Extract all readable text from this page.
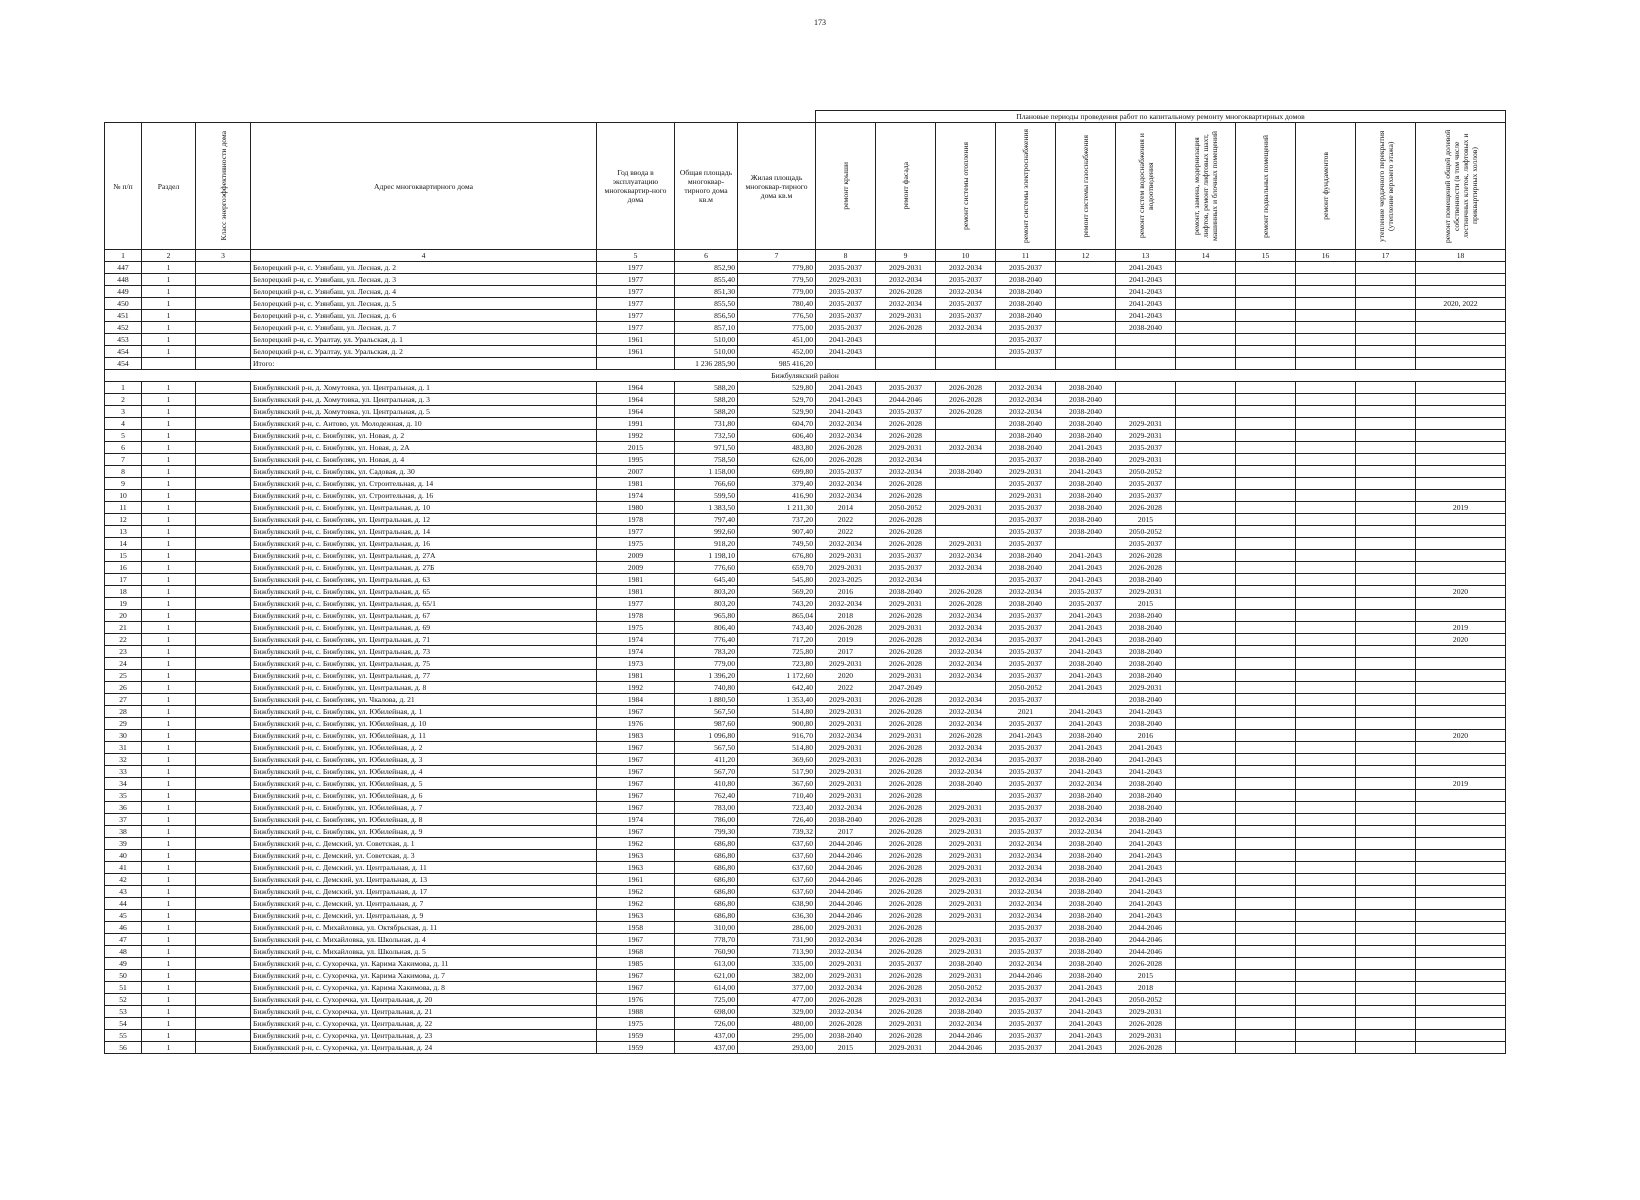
173
							Плановые периоды проведения работ по капитальному ремонту многоквартирных домов										
№ п/п	Раздел	Класс энергоэффективности дома	Адрес многоквартирного дома	Год ввода в эксплуатацию многоквартир-ного дома	Общая площадь многоквар-тирного дома кв.м	Жилая площадь многоквар-тирного дома кв.м	ремонт крыши	ремонт фасада	ремонт системы отопления	ремонт системы электроснабжения	ремонт системы газоснабжения	ремонт систем водоснабжения и водоотведения	ремонт, замена, модернизация лифтов, ремонт лифтовых шахт, машинных и блочных помещений	ремонт подвальных помещений	ремонт фундаментов	утепление чердачного перекрытия (утепление верхнего этажа)	ремонт помещений общей долевой собственности (в том числе лестничных клеток, лифтовых и приквартирных холлов)

1	2	3	4	5	6	7	8	9	10	11	12	13	14	15	16	17	18
447	1		Белорецкий р-н, с. Узянбаш, ул. Лесная, д. 2	1977	852,90	779,80	2035-2037	2029-2031	2032-2034	2035-2037		2041-2043					
448	1		Белорецкий р-н, с. Узянбаш, ул. Лесная, д. 3	1977	855,40	779,50	2029-2031	2032-2034	2035-2037	2038-2040		2041-2043					
449	1		Белорецкий р-н, с. Узянбаш, ул. Лесная, д. 4	1977	851,30	779,00	2035-2037	2026-2028	2032-2034	2038-2040		2041-2043					
450	1		Белорецкий р-н, с. Узянбаш, ул. Лесная, д. 5	1977	855,50	780,40	2035-2037	2032-2034	2035-2037	2038-2040		2041-2043					2020, 2022
451	1		Белорецкий р-н, с. Узянбаш, ул. Лесная, д. 6	1977	856,50	776,50	2035-2037	2029-2031	2035-2037	2038-2040		2041-2043					
452	1		Белорецкий р-н, с. Узянбаш, ул. Лесная, д. 7	1977	857,10	775,00	2035-2037	2026-2028	2032-2034	2035-2037		2038-2040					
453	1		Белорецкий р-н, с. Уралтау, ул. Уральская, д. 1	1961	510,00	451,00	2041-2043			2035-2037							
454	1		Белорецкий р-н, с. Уралтау, ул. Уральская, д. 2	1961	510,00	452,00	2041-2043			2035-2037							
454			Итого:		1 236 285,90	985 416,20											
Бижбулякский район																	
1	1		Бижбулякский р-н, д. Хомутовка, ул. Центральная, д. 1	1964	588,20	529,80	2041-2043	2035-2037	2026-2028	2032-2034	2038-2040						
2	1		Бижбулякский р-н, д. Хомутовка, ул. Центральная, д. 3	1964	588,20	529,70	2041-2043	2044-2046	2026-2028	2032-2034	2038-2040						
3	1		Бижбулякский р-н, д. Хомутовка, ул. Центральная, д. 5	1964	588,20	529,90	2041-2043	2035-2037	2026-2028	2032-2034	2038-2040						
4	1		Бижбулякский р-н, с. Антово, ул. Молодежная, д. 10	1991	731,80	604,70	2032-2034	2026-2028		2038-2040	2038-2040	2029-2031					
5	1		Бижбулякский р-н, с. Бижбуляк, ул. Новая, д. 2	1992	732,50	606,40	2032-2034	2026-2028		2038-2040	2038-2040	2029-2031					
6	1		Бижбулякский р-н, с. Бижбуляк, ул. Новая, д. 2А	2015	971,50	483,80	2026-2028	2029-2031	2032-2034	2038-2040	2041-2043	2035-2037					
7	1		Бижбулякский р-н, с. Бижбуляк, ул. Новая, д. 4	1995	758,50	626,00	2026-2028	2032-2034		2035-2037	2038-2040	2029-2031					
8	1		Бижбулякский р-н, с. Бижбуляк, ул. Садовая, д. 30	2007	1 158,00	699,80	2035-2037	2032-2034	2038-2040	2029-2031	2041-2043	2050-2052					
9	1		Бижбулякский р-н, с. Бижбуляк, ул. Строительная, д. 14	1981	766,60	379,40	2032-2034	2026-2028		2035-2037	2038-2040	2035-2037					
10	1		Бижбулякский р-н, с. Бижбуляк, ул. Строительная, д. 16	1974	599,50	416,90	2032-2034	2026-2028		2029-2031	2038-2040	2035-2037					
11	1		Бижбулякский р-н, с. Бижбуляк, ул. Центральная, д. 10	1980	1 383,50	1 211,30	2014	2050-2052	2029-2031	2035-2037	2038-2040	2026-2028					2019
12	1		Бижбулякский р-н, с. Бижбуляк, ул. Центральная, д. 12	1978	797,40	737,20	2022	2026-2028		2035-2037	2038-2040	2015					
13	1		Бижбулякский р-н, с. Бижбуляк, ул. Центральная, д. 14	1977	992,60	907,40	2022	2026-2028		2035-2037	2038-2040	2050-2052					
14	1		Бижбулякский р-н, с. Бижбуляк, ул. Центральная, д. 16	1975	918,20	749,50	2032-2034	2026-2028	2029-2031	2035-2037		2035-2037					
15	1		Бижбулякский р-н, с. Бижбуляк, ул. Центральная, д. 27А	2009	1 198,10	676,80	2029-2031	2035-2037	2032-2034	2038-2040	2041-2043	2026-2028					
16	1		Бижбулякский р-н, с. Бижбуляк, ул. Центральная, д. 27Б	2009	776,60	659,70	2029-2031	2035-2037	2032-2034	2038-2040	2041-2043	2026-2028					
17	1		Бижбулякский р-н, с. Бижбуляк, ул. Центральная, д. 63	1981	645,40	545,80	2023-2025	2032-2034		2035-2037	2041-2043	2038-2040					
18	1		Бижбулякский р-н, с. Бижбуляк, ул. Центральная, д. 65	1981	803,20	569,20	2016	2038-2040	2026-2028	2032-2034	2035-2037	2029-2031					2020
19	1		Бижбулякский р-н, с. Бижбуляк, ул. Центральная, д. 65/1	1977	803,20	743,20	2032-2034	2029-2031	2026-2028	2038-2040	2035-2037	2015					
20	1		Бижбулякский р-н, с. Бижбуляк, ул. Центральная, д. 67	1978	965,80	865,04	2018	2026-2028	2032-2034	2035-2037	2041-2043	2038-2040					
21	1		Бижбулякский р-н, с. Бижбуляк, ул. Центральная, д. 69	1975	806,40	743,40	2026-2028	2029-2031	2032-2034	2035-2037	2041-2043	2038-2040					2019
22	1		Бижбулякский р-н, с. Бижбуляк, ул. Центральная, д. 71	1974	776,40	717,20	2019	2026-2028	2032-2034	2035-2037	2041-2043	2038-2040					2020
23	1		Бижбулякский р-н, с. Бижбуляк, ул. Центральная, д. 73	1974	783,20	725,80	2017	2026-2028	2032-2034	2035-2037	2041-2043	2038-2040					
24	1		Бижбулякский р-н, с. Бижбуляк, ул. Центральная, д. 75	1973	779,00	723,80	2029-2031	2026-2028	2032-2034	2035-2037	2038-2040	2038-2040					
25	1		Бижбулякский р-н, с. Бижбуляк, ул. Центральная, д. 77	1981	1 396,20	1 172,60	2020	2029-2031	2032-2034	2035-2037	2041-2043	2038-2040					
26	1		Бижбулякский р-н, с. Бижбуляк, ул. Центральная, д. 8	1992	740,80	642,40	2022	2047-2049		2050-2052	2041-2043	2029-2031					
27	1		Бижбулякский р-н, с. Бижбуляк, ул. Чкалова, д. 21	1984	1 880,50	1 353,40	2029-2031	2026-2028	2032-2034	2035-2037		2038-2040					
28	1		Бижбулякский р-н, с. Бижбуляк, ул. Юбилейная, д. 1	1967	567,50	514,80	2029-2031	2026-2028	2032-2034	2021	2041-2043	2041-2043					
29	1		Бижбулякский р-н, с. Бижбуляк, ул. Юбилейная, д. 10	1976	987,60	900,80	2029-2031	2026-2028	2032-2034	2035-2037	2041-2043	2038-2040					
30	1		Бижбулякский р-н, с. Бижбуляк, ул. Юбилейная, д. 11	1983	1 096,80	916,70	2032-2034	2029-2031	2026-2028	2041-2043	2038-2040	2016					2020
31	1		Бижбулякский р-н, с. Бижбуляк, ул. Юбилейная, д. 2	1967	567,50	514,80	2029-2031	2026-2028	2032-2034	2035-2037	2041-2043	2041-2043					
32	1		Бижбулякский р-н, с. Бижбуляк, ул. Юбилейная, д. 3	1967	411,20	369,60	2029-2031	2026-2028	2032-2034	2035-2037	2038-2040	2041-2043					
33	1		Бижбулякский р-н, с. Бижбуляк, ул. Юбилейная, д. 4	1967	567,70	517,90	2029-2031	2026-2028	2032-2034	2035-2037	2041-2043	2041-2043					
34	1		Бижбулякский р-н, с. Бижбуляк, ул. Юбилейная, д. 5	1967	410,80	367,60	2029-2031	2026-2028	2038-2040	2035-2037	2032-2034	2038-2040					2019
35	1		Бижбулякский р-н, с. Бижбуляк, ул. Юбилейная, д. 6	1967	762,40	710,40	2029-2031	2026-2028		2035-2037	2038-2040	2038-2040					
36	1		Бижбулякский р-н, с. Бижбуляк, ул. Юбилейная, д. 7	1967	783,00	723,40	2032-2034	2026-2028	2029-2031	2035-2037	2038-2040	2038-2040					
37	1		Бижбулякский р-н, с. Бижбуляк, ул. Юбилейная, д. 8	1974	786,00	726,40	2038-2040	2026-2028	2029-2031	2035-2037	2032-2034	2038-2040					
38	1		Бижбулякский р-н, с. Бижбуляк, ул. Юбилейная, д. 9	1967	799,30	739,32	2017	2026-2028	2029-2031	2035-2037	2032-2034	2041-2043					
39	1		Бижбулякский р-н, с. Демский, ул. Советская, д. 1	1962	686,80	637,60	2044-2046	2026-2028	2029-2031	2032-2034	2038-2040	2041-2043					
40	1		Бижбулякский р-н, с. Демский, ул. Советская, д. 3	1963	686,80	637,60	2044-2046	2026-2028	2029-2031	2032-2034	2038-2040	2041-2043					
41	1		Бижбулякский р-н, с. Демский, ул. Центральная, д. 11	1963	686,80	637,60	2044-2046	2026-2028	2029-2031	2032-2034	2038-2040	2041-2043					
42	1		Бижбулякский р-н, с. Демский, ул. Центральная, д. 13	1961	686,80	637,60	2044-2046	2026-2028	2029-2031	2032-2034	2038-2040	2041-2043					
43	1		Бижбулякский р-н, с. Демский, ул. Центральная, д. 17	1962	686,80	637,60	2044-2046	2026-2028	2029-2031	2032-2034	2038-2040	2041-2043					
44	1		Бижбулякский р-н, с. Демский, ул. Центральная, д. 7	1962	686,80	638,90	2044-2046	2026-2028	2029-2031	2032-2034	2038-2040	2041-2043					
45	1		Бижбулякский р-н, с. Демский, ул. Центральная, д. 9	1963	686,80	636,30	2044-2046	2026-2028	2029-2031	2032-2034	2038-2040	2041-2043					
46	1		Бижбулякский р-н, с. Михайловка, ул. Октябрьская, д. 11	1958	310,00	286,00	2029-2031	2026-2028		2035-2037	2038-2040	2044-2046					
47	1		Бижбулякский р-н, с. Михайловка, ул. Школьная, д. 4	1967	778,70	731,90	2032-2034	2026-2028	2029-2031	2035-2037	2038-2040	2044-2046					
48	1		Бижбулякский р-н, с. Михайловка, ул. Школьная, д. 5	1968	760,90	713,90	2032-2034	2026-2028	2029-2031	2035-2037	2038-2040	2044-2046					
49	1		Бижбулякский р-н, с. Сухоречка, ул. Карима Хакимова, д. 11	1985	613,00	335,00	2029-2031	2035-2037	2038-2040	2032-2034	2038-2040	2026-2028					
50	1		Бижбулякский р-н, с. Сухоречка, ул. Карима Хакимова, д. 7	1967	621,00	382,00	2029-2031	2026-2028	2029-2031	2044-2046	2038-2040	2015					
51	1		Бижбулякский р-н, с. Сухоречка, ул. Карима Хакимова, д. 8	1967	614,00	377,00	2032-2034	2026-2028	2050-2052	2035-2037	2041-2043	2018					
52	1		Бижбулякский р-н, с. Сухоречка, ул. Центральная, д. 20	1976	725,00	477,00	2026-2028	2029-2031	2032-2034	2035-2037	2041-2043	2050-2052					
53	1		Бижбулякский р-н, с. Сухоречка, ул. Центральная, д. 21	1988	698,00	329,00	2032-2034	2026-2028	2038-2040	2035-2037	2041-2043	2029-2031					
54	1		Бижбулякский р-н, с. Сухоречка, ул. Центральная, д. 22	1975	726,00	480,00	2026-2028	2029-2031	2032-2034	2035-2037	2041-2043	2026-2028					
55	1		Бижбулякский р-н, с. Сухоречка, ул. Центральная, д. 23	1959	437,00	295,00	2038-2040	2026-2028	2044-2046	2035-2037	2041-2043	2029-2031					
56	1		Бижбулякский р-н, с. Сухоречка, ул. Центральная, д. 24	1959	437,00	293,00	2015	2029-2031	2044-2046	2035-2037	2041-2043	2026-2028					
